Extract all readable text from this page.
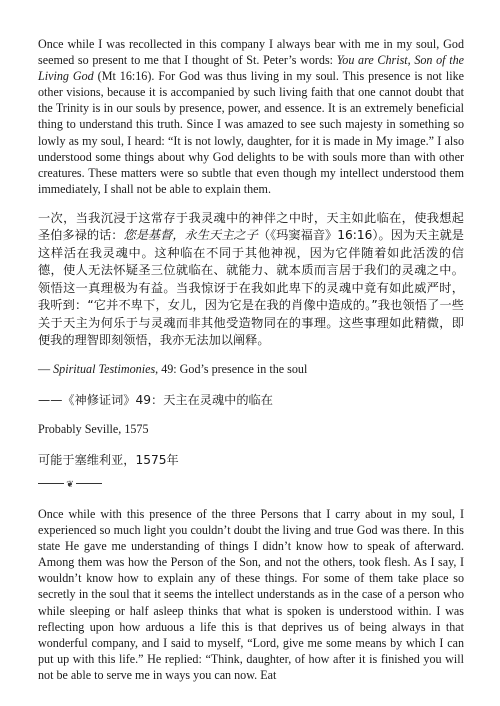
Once while I was recollected in this company I always bear with me in my soul, God seemed so present to me that I thought of St. Peter’s words: You are Christ, Son of the Living God (Mt 16:16). For God was thus living in my soul. This presence is not like other visions, because it is accompanied by such living faith that one cannot doubt that the Trinity is in our souls by presence, power, and essence. It is an extremely beneficial thing to understand this truth. Since I was amazed to see such majesty in something so lowly as my soul, I heard: “It is not lowly, daughter, for it is made in My image.” I also understood some things about why God delights to be with souls more than with other creatures. These matters were so subtle that even though my intellect understood them immediately, I shall not be able to explain them.

一次，当我沉浸于这常存于我灵魂中的神伴之中时，天主如此临在，使我想起圣伯多禄的话：您是基督，永生天主之子（《玛窦福音》16:16）。因为天主就是这样活在我灵魂中。这种临在不同于其他神视，因为它伴随着如此活泼的信德，使人无法怀疑圣三位就临在、就能力、就本质而言居于我们的灵魂之中。领悟这一真理极为有益。当我惊讶于在我如此卑下的灵魂中竟有如此威严时，我听到：“它并不卑下，女儿，因为它是在我的肖像中造成的。”我也领悟了一些关于天主为何乐于与灵魂而非其他受造物同在的事理。这些事理如此精微，即便我的理智即刻领悟，我亦无法加以阐释。

— Spiritual Testimonies, 49: God’s presence in the soul

——《神修证词》49：天主在灵魂中的临在

Probably Seville, 1575

可能于塞维利亚，1575年

❦

Once while with this presence of the three Persons that I carry about in my soul, I experienced so much light you couldn’t doubt the living and true God was there. In this state He gave me understanding of things I didn’t know how to speak of afterward. Among them was how the Person of the Son, and not the others, took flesh. As I say, I wouldn’t know how to explain any of these things. For some of them take place so secretly in the soul that it seems the intellect understands as in the case of a person who while sleeping or half asleep thinks that what is spoken is understood within. I was reflecting upon how arduous a life this is that deprives us of being always in that wonderful company, and I said to myself, “Lord, give me some means by which I can put up with this life.” He replied: “Think, daughter, of how after it is finished you will not be able to serve me in ways you can now. Eat
